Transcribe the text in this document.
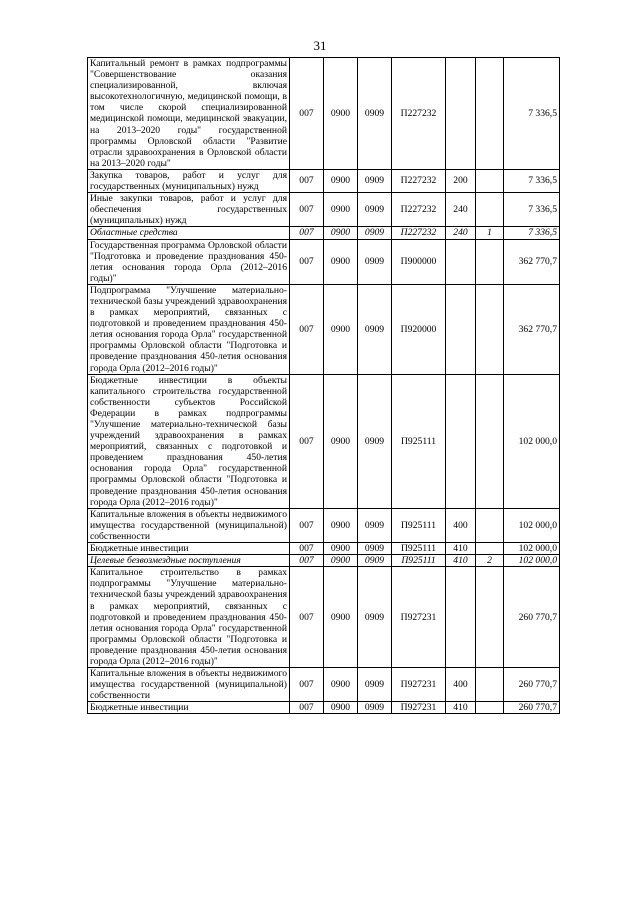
31
Капитальный ремонт в рамках подпрограммы "Совершенствование оказания специализированной, включая высокотехнологичную, медицинской помощи, в том числе скорой специализированной медицинской помощи, медицинской эвакуации, на 2013–2020 годы" государственной программы Орловской области "Развитие отрасли здравоохранения в Орловской области на 2013–2020 годы"	007	0900	0909	П227232			7 336,5
Закупка товаров, работ и услуг для государственных (муниципальных) нужд	007	0900	0909	П227232	200		7 336,5
Иные закупки товаров, работ и услуг для обеспечения государственных (муниципальных) нужд	007	0900	0909	П227232	240		7 336,5
Областные средства	007	0900	0909	П227232	240	1	7 336,5
Государственная программа Орловской области "Подготовка и проведение празднования 450-летия основания города Орла (2012–2016 годы)"	007	0900	0909	П900000			362 770,7
Подпрограмма "Улучшение материально-технической базы учреждений здравоохранения в рамках мероприятий, связанных с подготовкой и проведением празднования 450-летия основания города Орла" государственной программы Орловской области "Подготовка и проведение празднования 450-летия основания города Орла (2012–2016 годы)"	007	0900	0909	П920000			362 770,7
Бюджетные инвестиции в объекты капитального строительства государственной собственности субъектов Российской Федерации в рамках подпрограммы "Улучшение материально-технической базы учреждений здравоохранения в рамках мероприятий, связанных с подготовкой и проведением празднования 450-летия основания города Орла" государственной программы Орловской области "Подготовка и проведение празднования 450-летия основания города Орла (2012–2016 годы)"	007	0900	0909	П925111			102 000,0
Капитальные вложения в объекты недвижимого имущества государственной (муниципальной) собственности	007	0900	0909	П925111	400		102 000,0
Бюджетные инвестиции	007	0900	0909	П925111	410		102 000,0
Целевые безвозмездные поступления	007	0900	0909	П925111	410	2	102 000,0
Капитальное строительство в рамках подпрограммы "Улучшение материально-технической базы учреждений здравоохранения в рамках мероприятий, связанных с подготовкой и проведением празднования 450-летия основания города Орла" государственной программы Орловской области "Подготовка и проведение празднования 450-летия основания города Орла (2012–2016 годы)"	007	0900	0909	П927231			260 770,7
Капитальные вложения в объекты недвижимого имущества государственной (муниципальной) собственности	007	0900	0909	П927231	400		260 770,7
Бюджетные инвестиции	007	0900	0909	П927231	410		260 770,7
